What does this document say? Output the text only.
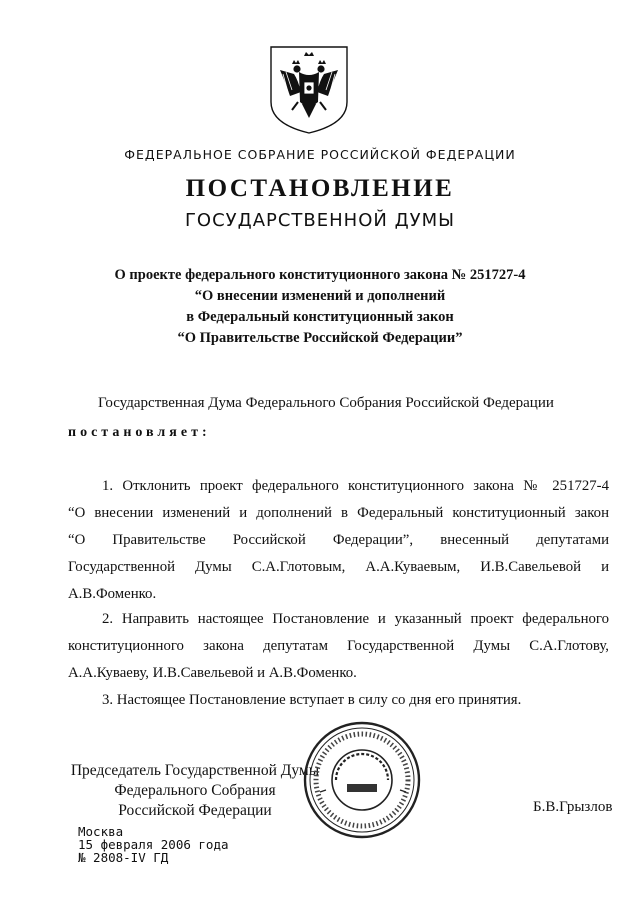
ФЕДЕРАЛЬНОЕ СОБРАНИЕ РОССИЙСКОЙ ФЕДЕРАЦИИ
ПОСТАНОВЛЕНИЕ
ГОСУДАРСТВЕННОЙ ДУМЫ
О проекте федерального конституционного закона № 251727-4
“О внесении изменений и дополнений
в Федеральный конституционный закон
“О Правительстве Российской Федерации”
Государственная Дума Федерального Собрания Российской Федерации
постановляет:
1. Отклонить проект федерального конституционного закона № 251727-4
“О внесении изменений и дополнений в Федеральный конституционный закон
“О Правительстве Российской Федерации”, внесенный депутатами
Государственной Думы С.А.Глотовым, А.А.Куваевым, И.В.Савельевой и
А.В.Фоменко.
2. Направить настоящее Постановление и указанный проект федерального
конституционного закона депутатам Государственной Думы С.А.Глотову,
А.А.Куваеву, И.В.Савельевой и А.В.Фоменко.
3. Настоящее Постановление вступает в силу со дня его принятия.
Председатель Государственной Думы
Федерального Собрания
Российской Федерации	Б.В.Грызлов
Москва
15 февраля 2006 года
№ 2808-IV ГД
